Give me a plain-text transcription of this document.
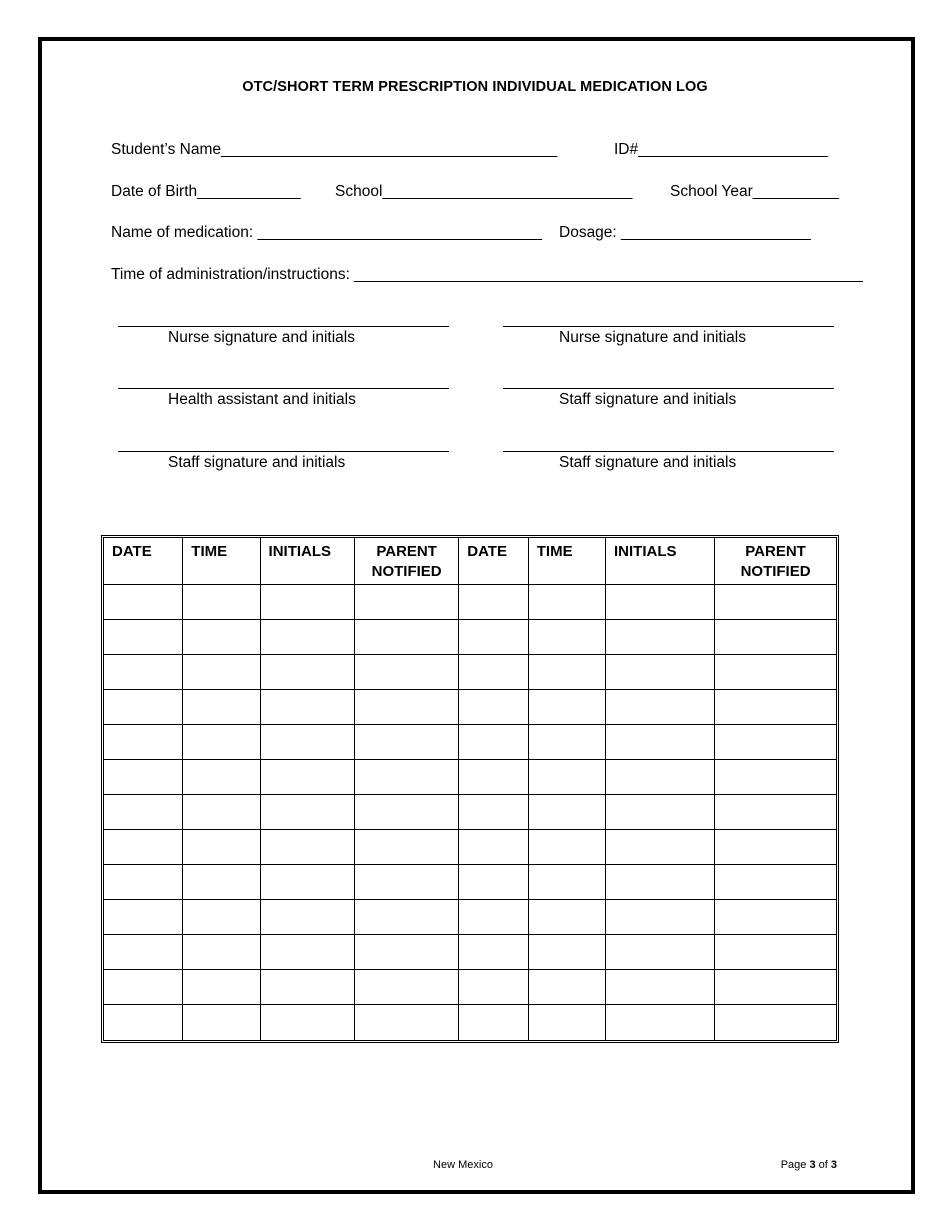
OTC/SHORT TERM PRESCRIPTION INDIVIDUAL MEDICATION LOG
Student’s Name_______________________________________	ID#______________________
Date of Birth____________ School_____________________________ School Year__________
Name of medication: _________________________________ Dosage: ______________________
Time of administration/instructions: ___________________________________________________________
Nurse signature and initials	Nurse signature and initials
Health assistant and initials	Staff signature and initials
Staff signature and initials	Staff signature and initials
DATE	TIME	INITIALS	PARENT NOTIFIED	DATE	TIME	INITIALS	PARENT NOTIFIED

New Mexico	Page 3 of 3
